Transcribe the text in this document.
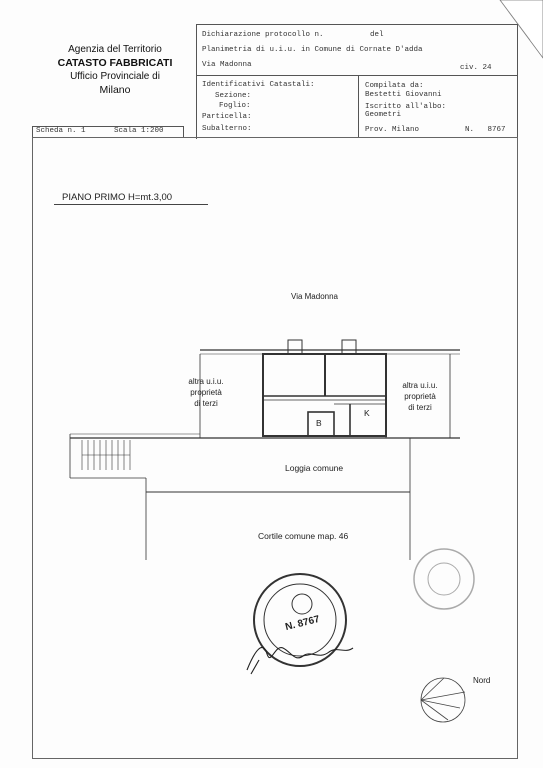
Agenzia del Territorio
CATASTO FABBRICATI
Ufficio Provinciale di
Milano
Dichiarazione protocollo n.	del
Planimetria di u.i.u. in Comune di Cornate D'adda
Via Madonna	civ. 24
Identificativi Catastali:
Sezione:
Foglio:
Particella:
Subalterno:
Compilata da:
Bestetti Giovanni
Iscritto all'albo:
Geometri
Prov. Milano	N.   8767
Scheda n. 1	Scala 1:200
PIANO PRIMO H=mt.3,00
Via Madonna
altra u.i.u.
proprietà
di terzi
altra u.i.u.
proprietà
di terzi
B
K
Loggia comune
Cortile comune map. 46
N. 8767
Nord
